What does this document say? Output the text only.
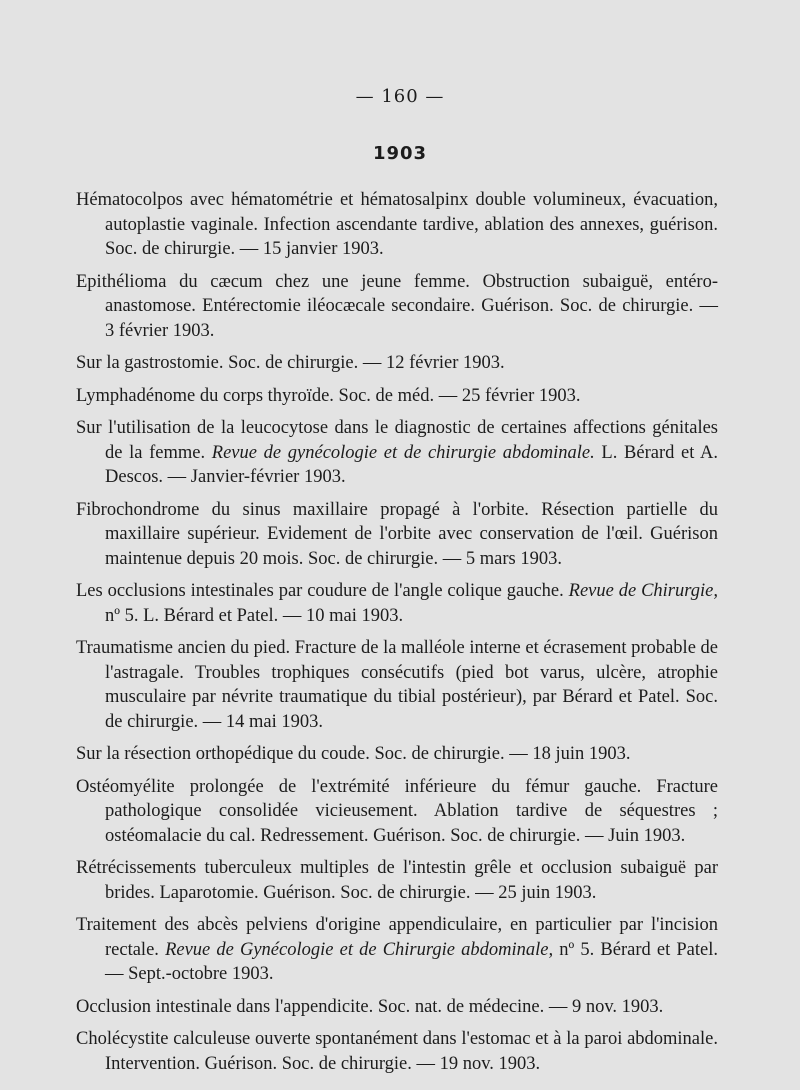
— 160 —
1903

Hématocolpos avec hématométrie et hématosalpinx double volumineux, évacuation, autoplastie vaginale. Infection ascendante tardive, ablation des annexes, guérison. Soc. de chirurgie. — 15 janvier 1903.

Epithélioma du cæcum chez une jeune femme. Obstruction subaiguë, entéro-anastomose. Entérectomie iléocæcale secondaire. Guérison. Soc. de chirurgie. — 3 février 1903.

Sur la gastrostomie. Soc. de chirurgie. — 12 février 1903.

Lymphadénome du corps thyroïde. Soc. de méd. — 25 février 1903.

Sur l'utilisation de la leucocytose dans le diagnostic de certaines affections génitales de la femme. Revue de gynécologie et de chirurgie abdominale. L. Bérard et A. Descos. — Janvier-février 1903.

Fibrochondrome du sinus maxillaire propagé à l'orbite. Résection partielle du maxillaire supérieur. Evidement de l'orbite avec conservation de l'œil. Guérison maintenue depuis 20 mois. Soc. de chirurgie. — 5 mars 1903.

Les occlusions intestinales par coudure de l'angle colique gauche. Revue de Chirurgie, nº 5. L. Bérard et Patel. — 10 mai 1903.

Traumatisme ancien du pied. Fracture de la malléole interne et écrasement probable de l'astragale. Troubles trophiques consécutifs (pied bot varus, ulcère, atrophie musculaire par névrite traumatique du tibial postérieur), par Bérard et Patel. Soc. de chirurgie. — 14 mai 1903.

Sur la résection orthopédique du coude. Soc. de chirurgie. — 18 juin 1903.

Ostéomyélite prolongée de l'extrémité inférieure du fémur gauche. Fracture pathologique consolidée vicieusement. Ablation tardive de séquestres ; ostéomalacie du cal. Redressement. Guérison. Soc. de chirurgie. — Juin 1903.

Rétrécissements tuberculeux multiples de l'intestin grêle et occlusion subaiguë par brides. Laparotomie. Guérison. Soc. de chirurgie. — 25 juin 1903.

Traitement des abcès pelviens d'origine appendiculaire, en particulier par l'incision rectale. Revue de Gynécologie et de Chirurgie abdominale, nº 5. Bérard et Patel. — Sept.-octobre 1903.

Occlusion intestinale dans l'appendicite. Soc. nat. de médecine. — 9 nov. 1903.

Cholécystite calculeuse ouverte spontanément dans l'estomac et à la paroi abdominale. Intervention. Guérison. Soc. de chirurgie. — 19 nov. 1903.
